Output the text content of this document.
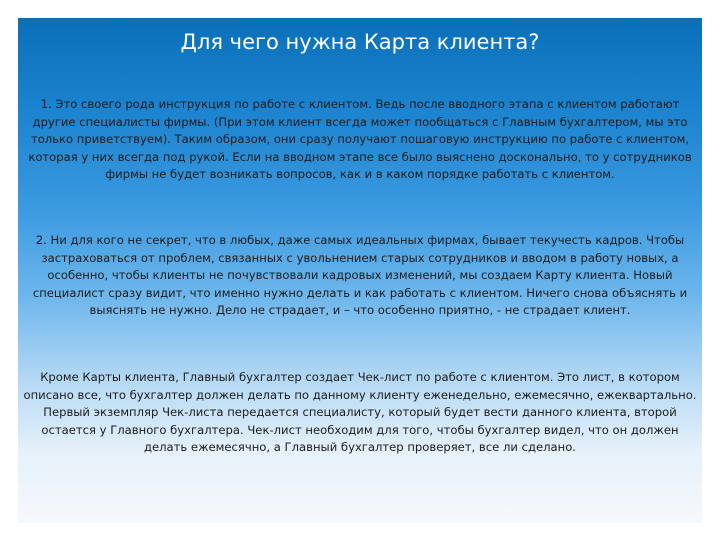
Для чего нужна Карта клиента?

1. Это своего рода инструкция по работе с клиентом. Ведь после вводного этапа с клиентом работают другие специалисты фирмы. (При этом клиент всегда может пообщаться с Главным бухгалтером, мы это только приветствуем). Таким образом, они сразу получают пошаговую инструкцию по работе с клиентом, которая у них всегда под рукой. Если на вводном этапе все было выяснено досконально, то у сотрудников фирмы не будет возникать вопросов, как и в каком порядке работать с клиентом.

2. Ни для кого не секрет, что в любых, даже самых идеальных фирмах, бывает текучесть кадров. Чтобы застраховаться от проблем, связанных с увольнением старых сотрудников и вводом в работу новых, а особенно, чтобы клиенты не почувствовали кадровых изменений, мы создаем Карту клиента. Новый специалист сразу видит, что именно нужно делать и как работать с клиентом. Ничего снова объяснять и выяснять не нужно. Дело не страдает, и – что особенно приятно, - не страдает клиент.

Кроме Карты клиента, Главный бухгалтер создает Чек-лист по работе с клиентом. Это лист, в котором описано все, что бухгалтер должен делать по данному клиенту еженедельно, ежемесячно, ежеквартально. Первый экземпляр Чек-листа передается специалисту, который будет вести данного клиента, второй остается у Главного бухгалтера. Чек-лист необходим для того, чтобы бухгалтер видел, что он должен делать ежемесячно, а Главный бухгалтер проверяет, все ли сделано.
